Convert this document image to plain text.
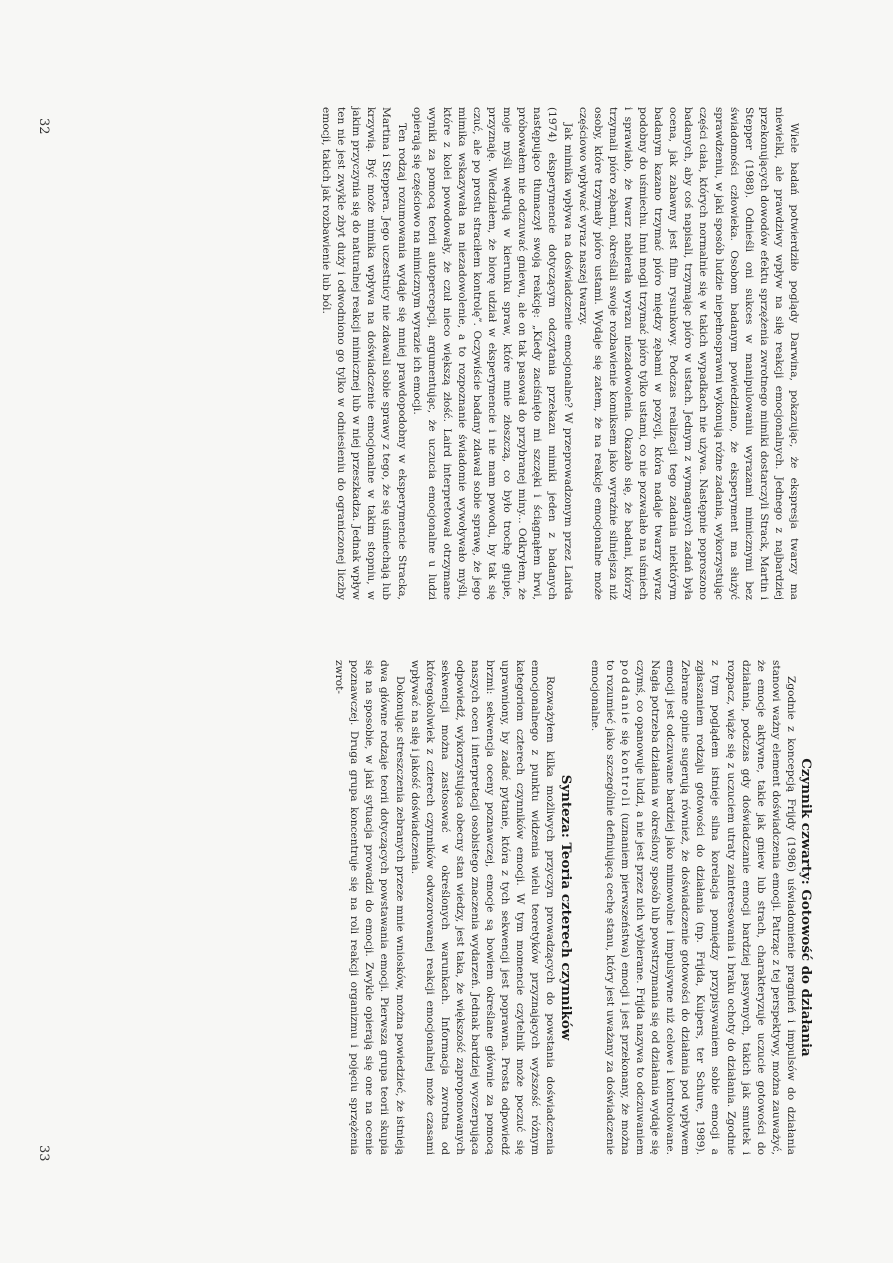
Wiele badań potwierdziło poglądy Darwina, pokazując, że ekspresja twarzy ma niewielki, ale prawdziwy wpływ na siłę reakcji emocjonalnych. Jednego z najbardziej przekonujących dowodów efektu sprzężenia zwrotnego mimiki dostarczyli Strack, Martin i Stepper (1988). Odnieśli oni sukces w manipulowaniu wyrazami mimicznymi bez świadomości człowieka. Osobom badanym powiedziano, że eksperyment ma służyć sprawdzeniu, w jaki sposób ludzie niepełnosprawni wykonują różne zadania, wykorzystując części ciała, których normalnie się w takich wypadkach nie używa. Następnie poproszono badanych, aby coś napisali, trzymając pióro w ustach. Jednym z wymaganych zadań była ocena, jak zabawny jest film rysunkowy. Podczas realizacji tego zadania niektórym badanym kazano trzymać pióro między zębami w pozycji, która nadaje twarzy wyraz podobny do uśmiechu. Inni mogli trzymać pióro tylko ustami, co nie pozwalało na uśmiech i sprawiało, że twarz nabierała wyrazu niezadowolenia. Okazało się, że badani, którzy trzymali pióro zębami, określali swoje rozbawienie komiksem jako wyraźnie silniejsza niż osoby, które trzymały pióro ustami. Wydaje się zatem, że na reakcje emocjonalne może częściowo wpływać wyraz naszej twarzy.

Jak mimika wpływa na doświadczenie emocjonalne? W przeprowadzonym przez Lairda (1974) eksperymencie dotyczącym odczytania przekazu mimiki jeden z badanych następująco tłumaczył swoją reakcję: „Kiedy zaciśnięto mi szczęki i ściągnąłem brwi, próbowałem nie odczuwać gniewu, ale on tak pasował do przybranej miny... Odkryłem, że moje myśli wędrują w kierunku spraw, które mnie złoszczą, co było trochę głupie, przyznaję. Wiedziałem, że biorę udział w eksperymencie i nie mam powodu, by tak się czuć, ale po prostu straciłem kontrolę”. Oczywiście badany zdawał sobie sprawę, że jego mimika wskazywała na niezadowolenie, a to rozpoznanie świadomie wywoływało myśli, które z kolei powodowały, że czuł nieco większą złość. Laird interpretował otrzymane wyniki za pomocą teorii autopercepcji, argumentując, że uczucia emocjonalne u ludzi opierają się częściowo na mimicznym wyrazie ich emocji.

Ten rodzaj rozumowania wydaje się mniej prawdopodobny w eksperymencie Stracka, Martina i Steppera. Jego uczestnicy nie zdawali sobie sprawy z tego, że się uśmiechają lub krzywią. Być może mimika wpływa na doświadczenie emocjonalne w takim stopniu, w jakim przyczynia się do naturalnej reakcji mimicznej lub w niej przeszkadza. Jednak wpływ ten nie jest zwykle zbyt duży i odwodniono go tylko w odniesieniu do ograniczonej liczby emocji, takich jak rozbawienie lub ból.

32

Czynnik czwarty: Gotowość do działania

Zgodnie z koncepcją Frijdy (1986) uświadomienie pragnień i impulsów do działania stanowi ważny element doświadczenia emocji. Patrząc z tej perspektywy, można zauważyć, że emocje aktywne, takie jak gniew lub strach, charakteryzuje uczucie gotowości do działania, podczas gdy doświadczanie emocji bardziej pasywnych, takich jak smutek i rozpacz, wiąże się z uczuciem utraty zainteresowania i braku ochoty do działania. Zgodnie z tym poglądem istnieje silna korelacja pomiędzy przypisywaniem sobie emocji a zgłaszaniem rodzaju gotowości do działania (np. Frijda, Kuipers, ter Schure, 1989). Zebrane opinie sugerują również, że doświadczenie gotowości do działania pod wpływem emocji jest odczuwane bardziej jako mimowolne i impulsywne niż celowe i kontrolowane. Nagła potrzeba działania w określony sposób lub powstrzymania się od działania wydaje się czymś, co opanowuje ludzi, a nie jest przez nich wybierane. Frijda nazywa to odczuwaniem poddanie się kontroli (uznaniem pierwszeństwa) emocji i jest przekonany, że można to rozumieć jako szczególnie definiującą cechę stanu, który jest uważany za doświadczenie emocjonalne.

Synteza: Teoria czterech czynników

Rozważyłem kilka możliwych przyczyn prowadzących do powstania doświadczenia emocjonalnego z punktu widzenia wielu teoretyków przyznających wyższość różnym kategoriom czterech czynników emocji. W tym momencie czytelnik może poczuć się uprawniony, by zadać pytanie, która z tych sekwencji jest poprawna. Prosta odpowiedź brzmi: sekwencja oceny poznawczej, emocje są bowiem określane głównie za pomocą naszych ocen i interpretacji osobistego znaczenia wydarzeń. Jednak bardziej wyczerpująca odpowiedź, wykorzystująca obecny stan wiedzy, jest taka, że większość zaproponowanych sekwencji można zastosować w określonych warunkach. Informacja zwrotna od któregokolwiek z czterech czynników odwzorowanej reakcji emocjonalnej może czasami wpływać na siłę i jakość doświadczenia.

Dokonując streszczenia zebranych przeze mnie wniosków, można powiedzieć, że istnieją dwa główne rodzaje teorii dotyczących powstawania emocji. Pierwsza grupa teorii skupia się na sposobie, w jaki sytuacja prowadzi do emocji. Zwykle opierają się one na ocenie poznawczej. Druga grupa koncentruje się na roli reakcji organizmu i pojęciu sprzężenia zwrot-

33
